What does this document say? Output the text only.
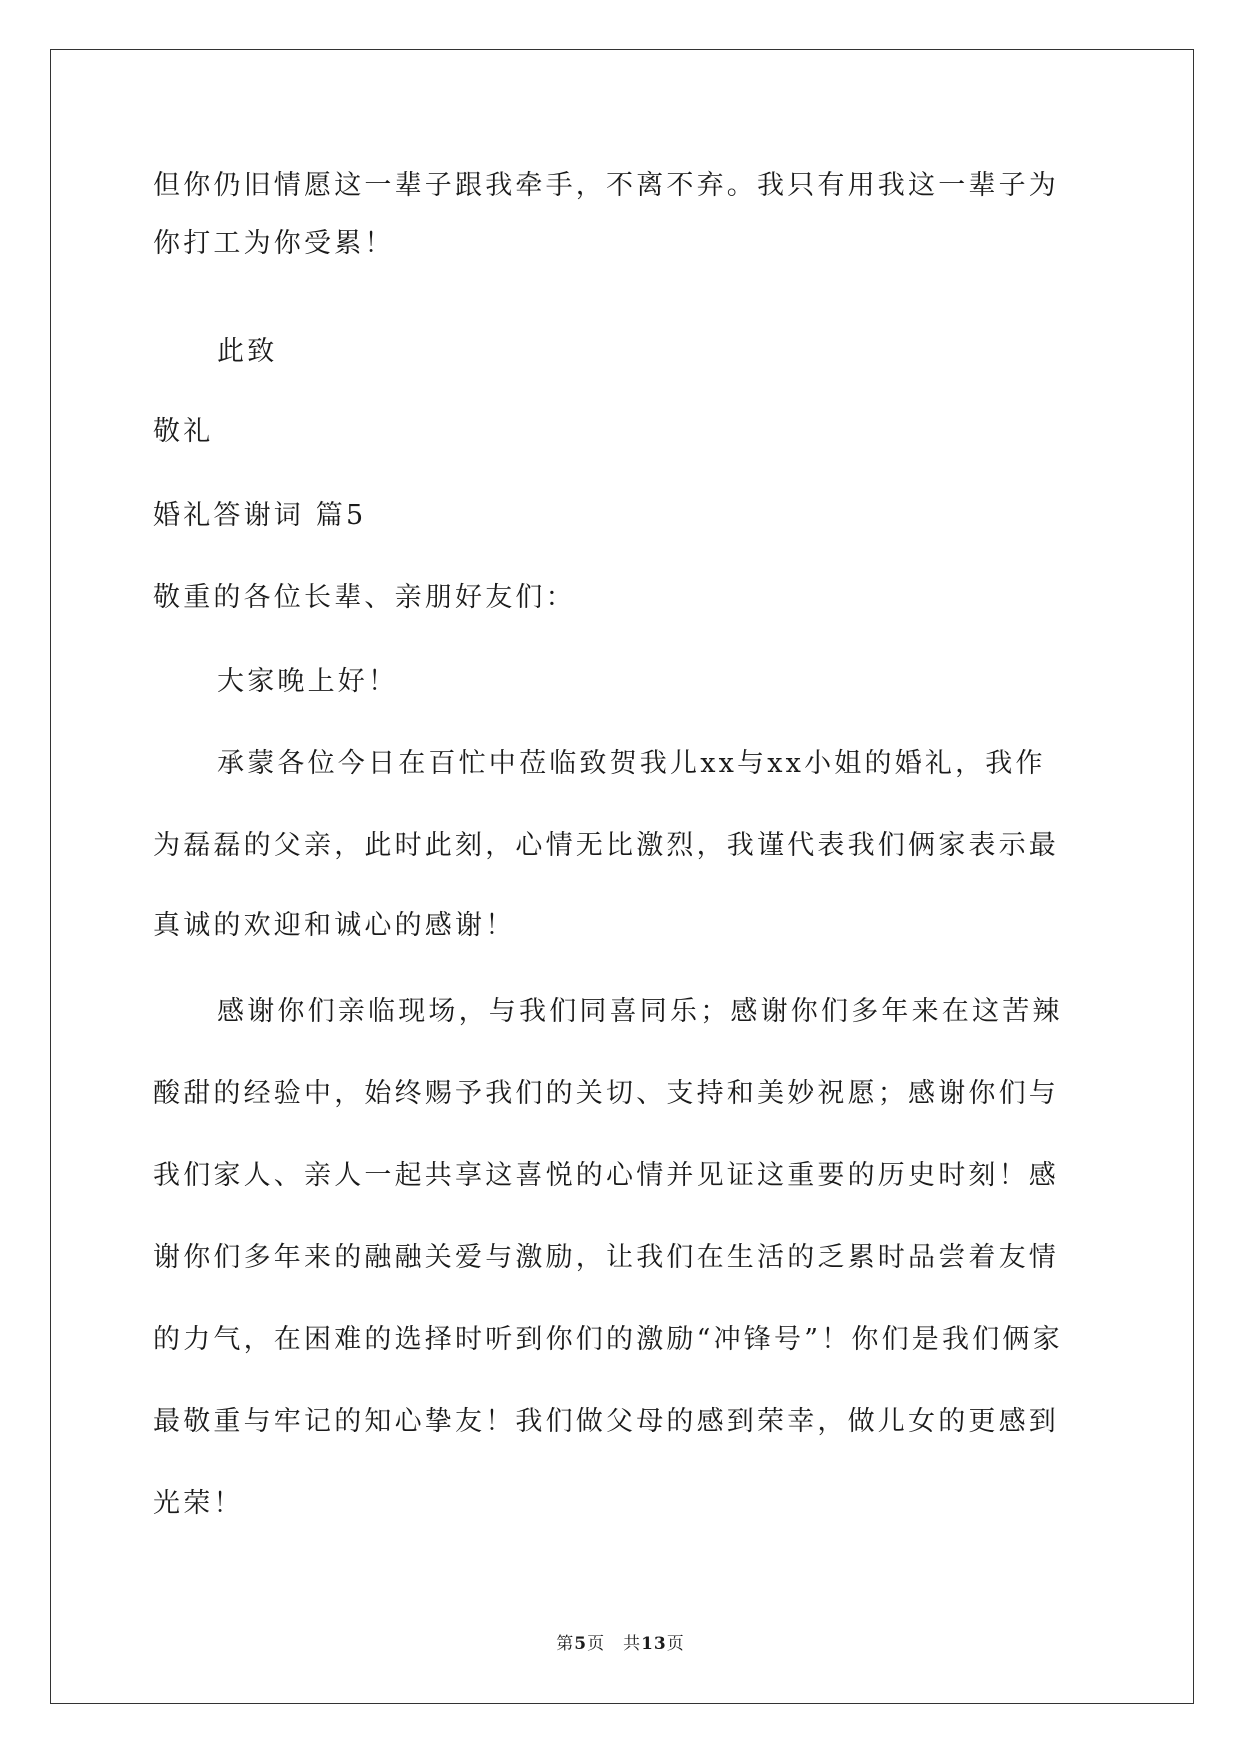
但你仍旧情愿这一辈子跟我牵手，不离不弃。我只有用我这一辈子为
你打工为你受累！
此致
敬礼
婚礼答谢词 篇5
敬重的各位长辈、亲朋好友们：
大家晚上好！
承蒙各位今日在百忙中莅临致贺我儿xx与xx小姐的婚礼，我作
为磊磊的父亲，此时此刻，心情无比激烈，我谨代表我们俩家表示最
真诚的欢迎和诚心的感谢！
感谢你们亲临现场，与我们同喜同乐；感谢你们多年来在这苦辣
酸甜的经验中，始终赐予我们的关切、支持和美妙祝愿；感谢你们与
我们家人、亲人一起共享这喜悦的心情并见证这重要的历史时刻！感
谢你们多年来的融融关爱与激励，让我们在生活的乏累时品尝着友情
的力气，在困难的选择时听到你们的激励“冲锋号”！你们是我们俩家
最敬重与牢记的知心挚友！我们做父母的感到荣幸，做儿女的更感到
光荣！
第5页 共13页
